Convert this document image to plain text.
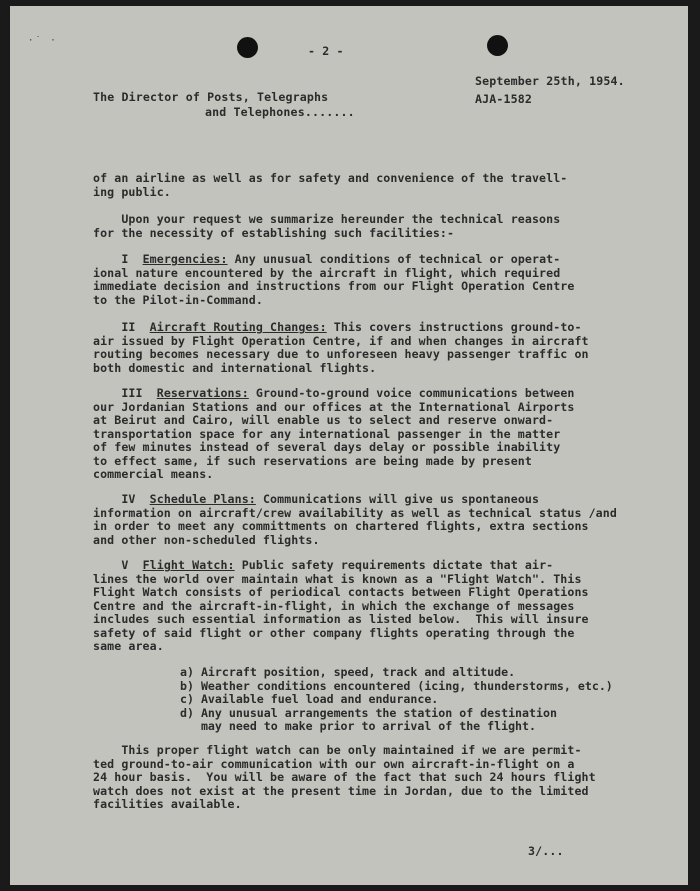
·˙ ·
- 2 -
The Director of Posts, Telegraphs
and Telephones.......
September 25th, 1954.
AJA-1582
of an airline as well as for safety and convenience of the travell-
ing public.
Upon your request we summarize hereunder the technical reasons
for the necessity of establishing such facilities:-
I Emergencies: Any unusual conditions of technical or operat-
ional nature encountered by the aircraft in flight, which required
immediate decision and instructions from our Flight Operation Centre
to the Pilot-in-Command.
II Aircraft Routing Changes: This covers instructions ground-to-
air issued by Flight Operation Centre, if and when changes in aircraft
routing becomes necessary due to unforeseen heavy passenger traffic on
both domestic and international flights.
III Reservations: Ground-to-ground voice communications between
our Jordanian Stations and our offices at the International Airports
at Beirut and Cairo, will enable us to select and reserve onward-
transportation space for any international passenger in the matter
of few minutes instead of several days delay or possible inability
to effect same, if such reservations are being made by present
commercial means.
IV Schedule Plans: Communications will give us spontaneous
information on aircraft/crew availability as well as technical status /and
in order to meet any committments on chartered flights, extra sections
and other non-scheduled flights.
V Flight Watch: Public safety requirements dictate that air-
lines the world over maintain what is known as a "Flight Watch". This
Flight Watch consists of periodical contacts between Flight Operations
Centre and the aircraft-in-flight, in which the exchange of messages
includes such essential information as listed below.  This will insure
safety of said flight or other company flights operating through the
same area.
a) Aircraft position, speed, track and altitude.
b) Weather conditions encountered (icing, thunderstorms, etc.)
c) Available fuel load and endurance.
d) Any unusual arrangements the station of destination
may need to make prior to arrival of the flight.
This proper flight watch can be only maintained if we are permit-
ted ground-to-air communication with our own aircraft-in-flight on a
24 hour basis.  You will be aware of the fact that such 24 hours flight
watch does not exist at the present time in Jordan, due to the limited
facilities available.
3/...
